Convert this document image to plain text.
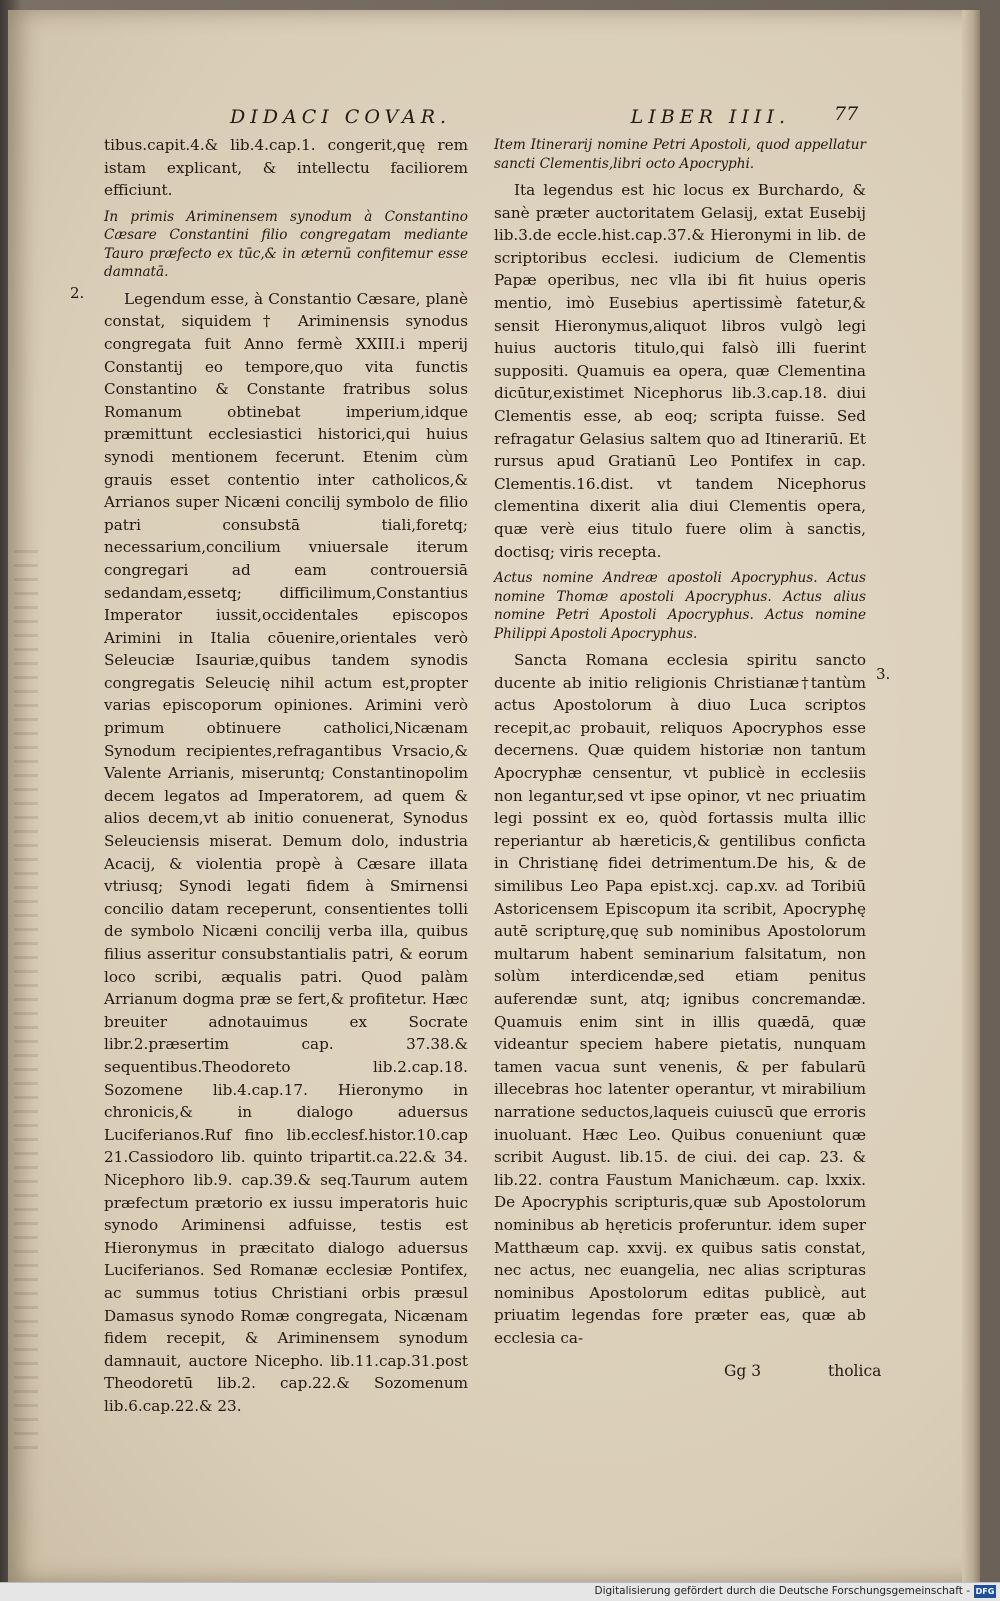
DIDACI COVAR.	LIBER IIII. 77

tibus.capit.4.& lib.4.cap.1. congerit,quę rem istam explicant, & intellectu faciliorem efficiunt.

In primis Ariminensem synodum à Constantino Cæsare Constantini filio congregatam mediante Tauro præfecto ex tūc,& in æternū confitemur esse damnatā.

Legendum esse, à Constantio Cæsare, planè constat, siquidem† Ariminensis synodus congregata fuit Anno fermè XXIII.i mperij Constantij eo tempore,quo vita functis Constantino & Constante fratribus solus Romanum obtinebat imperium,idque præmittunt ecclesiastici historici,qui huius synodi mentionem fecerunt. Etenim cùm grauis esset contentio inter catholicos,& Arrianos super Nicæni concilij symbolo de filio patri consubstā tiali,foretq; necessarium,concilium vniuersale iterum congregari ad eam controuersiā sedandam,essetq; difficilimum,Constantius Imperator iussit,occidentales episcopos Arimini in Italia cōuenire,orientales verò Seleuciæ Isauriæ,quibus tandem synodis congregatis Seleucię nihil actum est,propter varias episcoporum opiniones. Arimini verò primum obtinuere catholici,Nicænam Synodum recipientes,refragantibus Vrsacio,& Valente Arrianis, miseruntq; Constantinopolim decem legatos ad Imperatorem, ad quem & alios decem,vt ab initio conuenerat, Synodus Seleuciensis miserat. Demum dolo, industria Acacij, & violentia propè à Cæsare illata vtriusq; Synodi legati fidem à Smirnensi concilio datam receperunt, consentientes tolli de symbolo Nicæni concilij verba illa, quibus filius asseritur consubstantialis patri, & eorum loco scribi, æqualis patri. Quod palàm Arrianum dogma præ se fert,& profitetur. Hæc breuiter adnotauimus ex Socrate libr.2.præsertim cap. 37.38.& sequentibus.Theodoreto lib.2.cap.18. Sozomene lib.4.cap.17. Hieronymo in chronicis,& in dialogo aduersus Luciferianos.Ruf fino lib.ecclesf.histor.10.cap 21.Cassiodoro lib. quinto tripartit.ca.22.& 34. Nicephoro lib.9. cap.39.& seq.Taurum autem præfectum prætorio ex iussu imperatoris huic synodo Ariminensi adfuisse, testis est Hieronymus in præcitato dialogo aduersus Luciferianos. Sed Romanæ ecclesiæ Pontifex, ac summus totius Christiani orbis præsul Damasus synodo Romæ congregata, Nicænam fidem recepit, & Ariminensem synodum damnauit, auctore Nicepho. lib.11.cap.31.post Theodoretū lib.2. cap.22.& Sozomenum lib.6.cap.22.& 23.

2.

Item Itinerarij nomine Petri Apostoli, quod appellatur sancti Clementis,libri octo Apocryphi.

Ita legendus est hic locus ex Burchardo, & sanè præter auctoritatem Gelasij, extat Eusebij lib.3.de eccle.hist.cap.37.& Hieronymi in lib. de scriptoribus ecclesi. iudicium de Clementis Papæ operibus, nec vlla ibi fit huius operis mentio, imò Eusebius apertissimè fatetur,& sensit Hieronymus,aliquot libros vulgò legi huius auctoris titulo,qui falsò illi fuerint suppositi. Quamuis ea opera, quæ Clementina dicūtur,existimet Nicephorus lib.3.cap.18. diui Clementis esse, ab eoq; scripta fuisse. Sed refragatur Gelasius saltem quo ad Itinerariū. Et rursus apud Gratianū Leo Pontifex in cap. Clementis.16.dist. vt tandem Nicephorus clementina dixerit alia diui Clementis opera, quæ verè eius titulo fuere olim à sanctis, doctisq; viris recepta.

Actus nomine Andreæ apostoli Apocryphus. Actus nomine Thomæ apostoli Apocryphus. Actus alius nomine Petri Apostoli Apocryphus. Actus nomine Philippi Apostoli Apocryphus.

Sancta Romana ecclesia spiritu sancto ducente ab initio religionis Christianæ†tantùm actus Apostolorum à diuo Luca scriptos recepit,ac probauit, reliquos Apocryphos esse decernens. Quæ quidem historiæ non tantum Apocryphæ censentur, vt publicè in ecclesiis non legantur,sed vt ipse opinor, vt nec priuatim legi possint ex eo, quòd fortassis multa illic reperiantur ab hæreticis,& gentilibus conficta in Christianę fidei detrimentum.De his, & de similibus Leo Papa epist.xcj. cap.xv. ad Toribiū Astoricensem Episcopum ita scribit, Apocryphę autē scripturę,quę sub nominibus Apostolorum multarum habent seminarium falsitatum, non solùm interdicendæ,sed etiam penitus auferendæ sunt, atq; ignibus concremandæ. Quamuis enim sint in illis quædā, quæ videantur speciem habere pietatis, nunquam tamen vacua sunt venenis, & per fabularū illecebras hoc latenter operantur, vt mirabilium narratione seductos,laqueis cuiuscū que erroris inuoluant. Hæc Leo. Quibus conueniunt quæ scribit August. lib.15. de ciui. dei cap. 23. & lib.22. contra Faustum Manichæum. cap. lxxix. De Apocryphis scripturis,quæ sub Apostolorum nominibus ab hęreticis proferuntur. idem super Matthæum cap. xxvij. ex quibus satis constat, nec actus, nec euangelia, nec alias scripturas nominibus Apostolorum editas publicè, aut priuatim legendas fore præter eas, quæ ab ecclesia ca-

3.
Gg 3	tholica
Digitalisierung gefördert durch die Deutsche Forschungsgemeinschaft - DFG
